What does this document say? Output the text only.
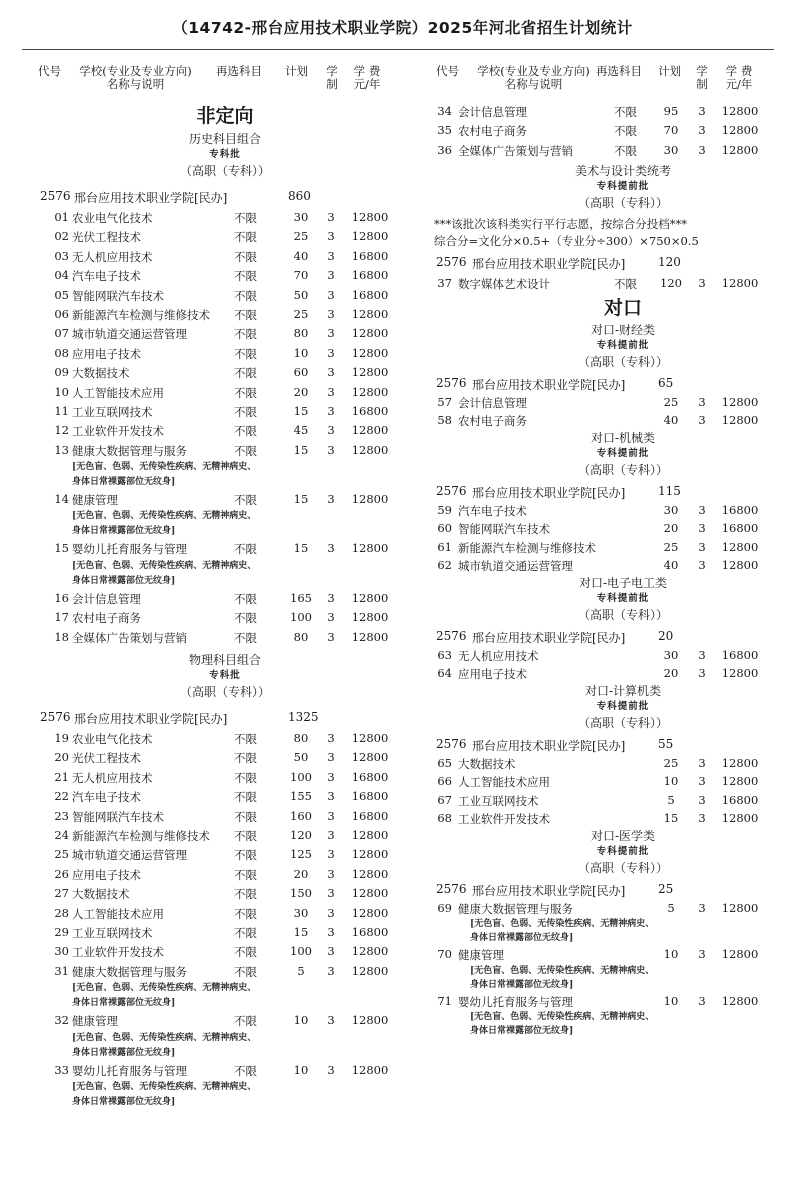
（14742-邢台应用技术职业学院）2025年河北省招生计划统计
代号	学校(专业及专业方向)
名称与说明
再选科目 计划 学
制
学 费
元/年
非定向
历史科目组合
专科批
（高职（专科））
2576 邢台应用技术职业学院[民办]	860
01 农业电气化技术	不限	30	3 12800
02 光伏工程技术	不限	25	3 12800
03 无人机应用技术	不限	40	3 16800
04 汽车电子技术	不限	70	3 16800
05 智能网联汽车技术	不限	50	3 16800
06 新能源汽车检测与维修技术 不限	25	3 12800
07 城市轨道交通运营管理	不限	80	3 12800
08 应用电子技术	不限	10	3 12800
09 大数据技术	不限	60	3 12800
10 人工智能技术应用	不限	20	3 12800
11 工业互联网技术	不限	15	3 16800
12 工业软件开发技术	不限	45	3 12800
13 健康大数据管理与服务	不限	15	3 12800
[无色盲、色弱、无传染性疾病、无精神病史、
身体日常裸露部位无纹身]
14 健康管理	不限	15	3 12800
[无色盲、色弱、无传染性疾病、无精神病史、
身体日常裸露部位无纹身]
15 婴幼儿托育服务与管理	不限	15	3 12800
[无色盲、色弱、无传染性疾病、无精神病史、
身体日常裸露部位无纹身]
16 会计信息管理	不限	165 3 12800
17 农村电子商务	不限	100 3 12800
18 全媒体广告策划与营销	不限	80	3 12800
物理科目组合
专科批
（高职（专科））
2576 邢台应用技术职业学院[民办]	1325
19 农业电气化技术	不限	80	3 12800
20 光伏工程技术	不限	50	3 12800
21 无人机应用技术	不限	100 3 16800
22 汽车电子技术	不限	155 3 16800
23 智能网联汽车技术	不限	160 3 16800
24 新能源汽车检测与维修技术 不限	120 3 12800
25 城市轨道交通运营管理	不限	125 3 12800
26 应用电子技术	不限	20	3 12800
27 大数据技术	不限	150 3 12800
28 人工智能技术应用	不限	30	3 12800
29 工业互联网技术	不限	15	3 16800
30 工业软件开发技术	不限	100 3 12800
31 健康大数据管理与服务	不限	5	3 12800
[无色盲、色弱、无传染性疾病、无精神病史、
身体日常裸露部位无纹身]
32 健康管理	不限	10	3 12800
[无色盲、色弱、无传染性疾病、无精神病史、
身体日常裸露部位无纹身]
33 婴幼儿托育服务与管理	不限	10	3 12800
[无色盲、色弱、无传染性疾病、无精神病史、
身体日常裸露部位无纹身]
代号	学校(专业及专业方向)
名称与说明
再选科目 计划 学
制
学 费
元/年
34 会计信息管理	不限	95	3 12800
35 农村电子商务	不限	70	3 12800
36 全媒体广告策划与营销	不限	30	3 12800
美术与设计类统考
专科提前批
（高职（专科））
***该批次该科类实行平行志愿，按综合分投档***
综合分=文化分×0.5+（专业分÷300）×750×0.5
2576 邢台应用技术职业学院[民办]	120
37 数字媒体艺术设计	不限 120 3 12800
对口
对口-财经类
专科提前批
（高职（专科））
2576 邢台应用技术职业学院[民办]	65
57 会计信息管理	25	3 12800
58 农村电子商务	40	3 12800
对口-机械类
专科提前批
（高职（专科））
2576 邢台应用技术职业学院[民办]	115
59 汽车电子技术	30	3 16800
60 智能网联汽车技术	20	3 16800
61 新能源汽车检测与维修技术	25	3 12800
62 城市轨道交通运营管理	40	3 12800
对口-电子电工类
专科提前批
（高职（专科））
2576 邢台应用技术职业学院[民办]	20
63 无人机应用技术	30	3 16800
64 应用电子技术	20	3 12800
对口-计算机类
专科提前批
（高职（专科））
2576 邢台应用技术职业学院[民办]	55
65 大数据技术	25	3 12800
66 人工智能技术应用	10	3 12800
67 工业互联网技术	5	3 16800
68 工业软件开发技术	15	3 12800
对口-医学类
专科提前批
（高职（专科））
2576 邢台应用技术职业学院[民办]	25
69 健康大数据管理与服务	5	3 12800
[无色盲、色弱、无传染性疾病、无精神病史、
身体日常裸露部位无纹身]
70 健康管理	10	3 12800
[无色盲、色弱、无传染性疾病、无精神病史、
身体日常裸露部位无纹身]
71 婴幼儿托育服务与管理	10	3 12800
[无色盲、色弱、无传染性疾病、无精神病史、
身体日常裸露部位无纹身]
